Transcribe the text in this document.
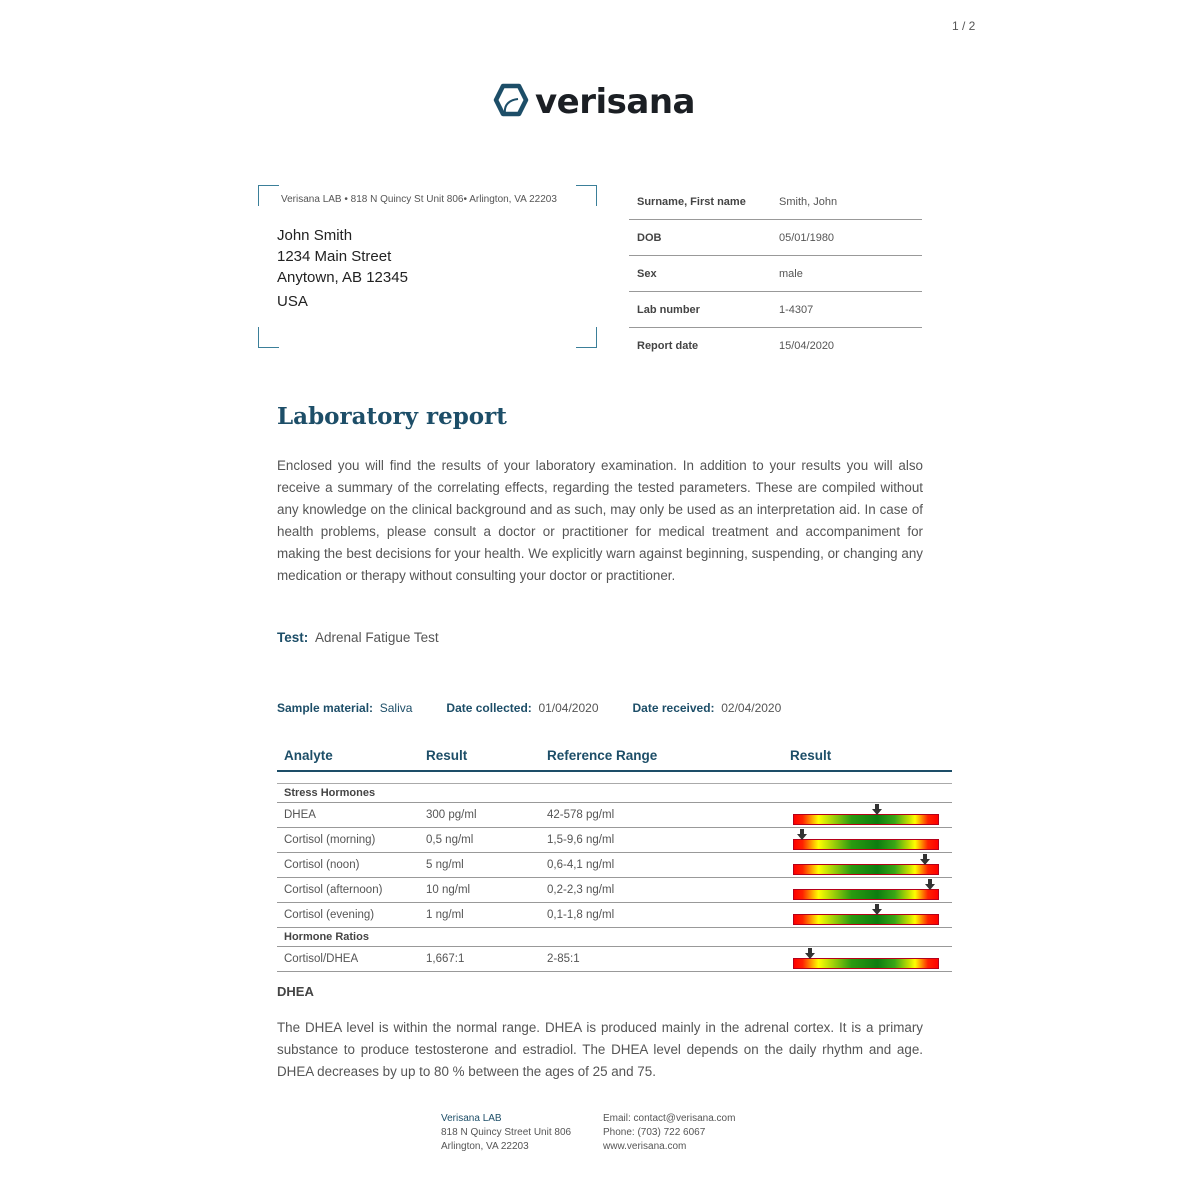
1 / 2
verisana
Verisana LAB • 818 N Quincy St Unit 806• Arlington, VA 22203
John Smith
1234 Main Street
Anytown, AB 12345
USA
Surname, First name	Smith, John
DOB	05/01/1980
Sex	male
Lab number	1-4307
Report date	15/04/2020
Laboratory report
Enclosed you will find the results of your laboratory examination. In addition to your results you will also receive a summary of the correlating effects, regarding the tested parameters. These are compiled without any knowledge on the clinical background and as such, may only be used as an interpretation aid. In case of health problems, please consult a doctor or practitioner for medical treatment and accompaniment for making the best decisions for your health. We explicitly warn against beginning, suspending, or changing any medication or therapy without consulting your doctor or practitioner.
Test: Adrenal Fatigue Test
Sample material: Saliva	Date collected: 01/04/2020	Date received: 02/04/2020
Analyte	Result	Reference Range	Result
Stress Hormones
DHEA	300 pg/ml	42-578 pg/ml
Cortisol (morning)	0,5 ng/ml	1,5-9,6 ng/ml
Cortisol (noon)	5 ng/ml	0,6-4,1 ng/ml
Cortisol (afternoon)	10 ng/ml	0,2-2,3 ng/ml
Cortisol (evening)	1 ng/ml	0,1-1,8 ng/ml
Hormone Ratios
Cortisol/DHEA	1,667:1	2-85:1
DHEA
The DHEA level is within the normal range. DHEA is produced mainly in the adrenal cortex. It is a primary substance to produce testosterone and estradiol. The DHEA level depends on the daily rhythm and age. DHEA decreases by up to 80 % between the ages of 25 and 75.
Verisana LAB
818 N Quincy Street Unit 806
Arlington, VA 22203
Email: contact@verisana.com
Phone: (703) 722 6067
www.verisana.com
